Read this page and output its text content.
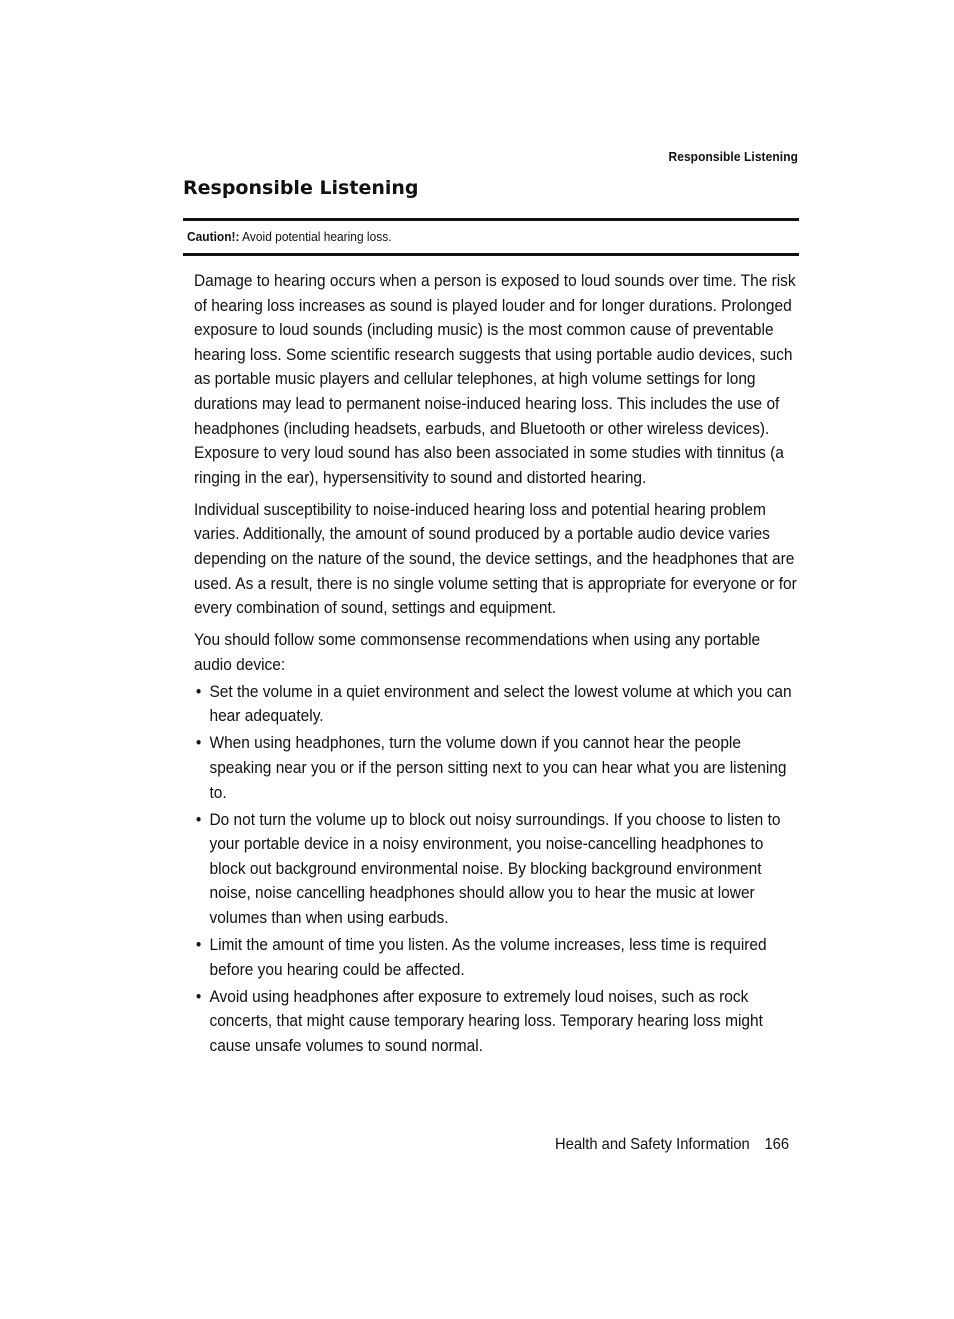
Responsible Listening
Responsible Listening
Caution!: Avoid potential hearing loss.

Damage to hearing occurs when a person is exposed to loud sounds over time. The risk of hearing loss increases as sound is played louder and for longer durations. Prolonged exposure to loud sounds (including music) is the most common cause of preventable hearing loss. Some scientific research suggests that using portable audio devices, such as portable music players and cellular telephones, at high volume settings for long durations may lead to permanent noise-induced hearing loss. This includes the use of headphones (including headsets, earbuds, and Bluetooth or other wireless devices). Exposure to very loud sound has also been associated in some studies with tinnitus (a ringing in the ear), hypersensitivity to sound and distorted hearing.

Individual susceptibility to noise-induced hearing loss and potential hearing problem varies. Additionally, the amount of sound produced by a portable audio device varies depending on the nature of the sound, the device settings, and the headphones that are used. As a result, there is no single volume setting that is appropriate for everyone or for every combination of sound, settings and equipment.

You should follow some commonsense recommendations when using any portable audio device:

• Set the volume in a quiet environment and select the lowest volume at which you can hear adequately.
• When using headphones, turn the volume down if you cannot hear the people speaking near you or if the person sitting next to you can hear what you are listening to.
• Do not turn the volume up to block out noisy surroundings. If you choose to listen to your portable device in a noisy environment, you noise-cancelling headphones to block out background environmental noise. By blocking background environment noise, noise cancelling headphones should allow you to hear the music at lower volumes than when using earbuds.
• Limit the amount of time you listen. As the volume increases, less time is required before you hearing could be affected.
• Avoid using headphones after exposure to extremely loud noises, such as rock concerts, that might cause temporary hearing loss. Temporary hearing loss might cause unsafe volumes to sound normal.
Health and Safety Information 166
